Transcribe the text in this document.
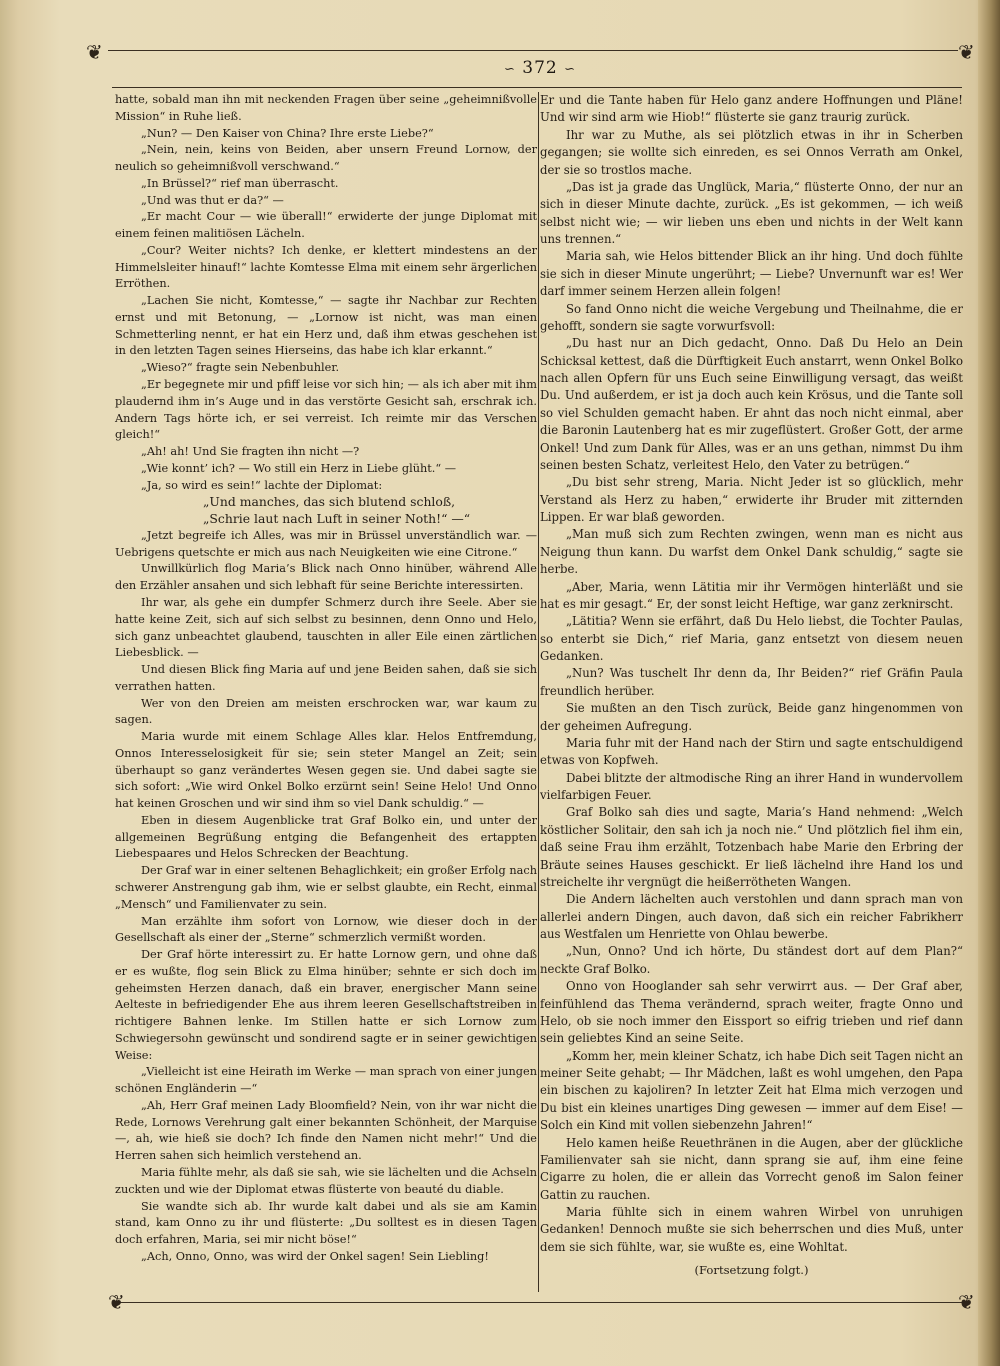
❦	❦
∽ 372 ∽

hatte, sobald man ihn mit neckenden Fragen über seine „geheimnißvolle Mission“ in Ruhe ließ.

„Nun? — Den Kaiser von China? Ihre erste Liebe?“

„Nein, nein, keins von Beiden, aber unsern Freund Lornow, der neulich so geheimnißvoll verschwand.“

„In Brüssel?“ rief man überrascht.

„Und was thut er da?“ —

„Er macht Cour — wie überall!“ erwiderte der junge Diplomat mit einem feinen malitiösen Lächeln.

„Cour? Weiter nichts? Ich denke, er klettert mindestens an der Himmelsleiter hinauf!“ lachte Komtesse Elma mit einem sehr ärgerlichen Erröthen.

„Lachen Sie nicht, Komtesse,“ — sagte ihr Nachbar zur Rechten ernst und mit Betonung, — „Lornow ist nicht, was man einen Schmetterling nennt, er hat ein Herz und, daß ihm etwas geschehen ist in den letzten Tagen seines Hierseins, das habe ich klar erkannt.“

„Wieso?“ fragte sein Nebenbuhler.

„Er begegnete mir und pfiff leise vor sich hin; — als ich aber mit ihm plaudernd ihm in’s Auge und in das verstörte Gesicht sah, erschrak ich. Andern Tags hörte ich, er sei verreist. Ich reimte mir das Verschen gleich!“

„Ah! ah! Und Sie fragten ihn nicht —?

„Wie konnt’ ich? — Wo still ein Herz in Liebe glüht.“ —

„Ja, so wird es sein!“ lachte der Diplomat:

„Und manches, das sich blutend schloß,

„Schrie laut nach Luft in seiner Noth!“ —“

„Jetzt begreife ich Alles, was mir in Brüssel unverständlich war. — Uebrigens quetschte er mich aus nach Neuigkeiten wie eine Citrone.“

Unwillkürlich flog Maria’s Blick nach Onno hinüber, während Alle den Erzähler ansahen und sich lebhaft für seine Berichte interessirten.

Ihr war, als gehe ein dumpfer Schmerz durch ihre Seele. Aber sie hatte keine Zeit, sich auf sich selbst zu besinnen, denn Onno und Helo, sich ganz unbeachtet glaubend, tauschten in aller Eile einen zärtlichen Liebesblick. —

Und diesen Blick fing Maria auf und jene Beiden sahen, daß sie sich verrathen hatten.

Wer von den Dreien am meisten erschrocken war, war kaum zu sagen.

Maria wurde mit einem Schlage Alles klar. Helos Entfremdung, Onnos Interesselosigkeit für sie; sein steter Mangel an Zeit; sein überhaupt so ganz verändertes Wesen gegen sie. Und dabei sagte sie sich sofort: „Wie wird Onkel Bolko erzürnt sein! Seine Helo! Und Onno hat keinen Groschen und wir sind ihm so viel Dank schuldig.“ —

Eben in diesem Augenblicke trat Graf Bolko ein, und unter der allgemeinen Begrüßung entging die Befangenheit des ertappten Liebespaares und Helos Schrecken der Beachtung.

Der Graf war in einer seltenen Behaglichkeit; ein großer Erfolg nach schwerer Anstrengung gab ihm, wie er selbst glaubte, ein Recht, einmal „Mensch“ und Familienvater zu sein.

Man erzählte ihm sofort von Lornow, wie dieser doch in der Gesellschaft als einer der „Sterne“ schmerzlich vermißt worden.

Der Graf hörte interessirt zu. Er hatte Lornow gern, und ohne daß er es wußte, flog sein Blick zu Elma hinüber; sehnte er sich doch im geheimsten Herzen danach, daß ein braver, energischer Mann seine Aelteste in befriedigender Ehe aus ihrem leeren Gesellschaftstreiben in richtigere Bahnen lenke. Im Stillen hatte er sich Lornow zum Schwiegersohn gewünscht und sondirend sagte er in seiner gewichtigen Weise:

„Vielleicht ist eine Heirath im Werke — man sprach von einer jungen schönen Engländerin —“

„Ah, Herr Graf meinen Lady Bloomfield? Nein, von ihr war nicht die Rede, Lornows Verehrung galt einer bekannten Schönheit, der Marquise —, ah, wie hieß sie doch? Ich finde den Namen nicht mehr!“ Und die Herren sahen sich heimlich verstehend an.

Maria fühlte mehr, als daß sie sah, wie sie lächelten und die Achseln zuckten und wie der Diplomat etwas flüsterte von beauté du diable.

Sie wandte sich ab. Ihr wurde kalt dabei und als sie am Kamin stand, kam Onno zu ihr und flüsterte: „Du solltest es in diesen Tagen doch erfahren, Maria, sei mir nicht böse!“

„Ach, Onno, Onno, was wird der Onkel sagen! Sein Liebling!

Er und die Tante haben für Helo ganz andere Hoffnungen und Pläne! Und wir sind arm wie Hiob!“ flüsterte sie ganz traurig zurück.

Ihr war zu Muthe, als sei plötzlich etwas in ihr in Scherben gegangen; sie wollte sich einreden, es sei Onnos Verrath am Onkel, der sie so trostlos mache.

„Das ist ja grade das Unglück, Maria,“ flüsterte Onno, der nur an sich in dieser Minute dachte, zurück. „Es ist gekommen, — ich weiß selbst nicht wie; — wir lieben uns eben und nichts in der Welt kann uns trennen.“

Maria sah, wie Helos bittender Blick an ihr hing. Und doch fühlte sie sich in dieser Minute ungerührt; — Liebe? Unvernunft war es! Wer darf immer seinem Herzen allein folgen!

So fand Onno nicht die weiche Vergebung und Theilnahme, die er gehofft, sondern sie sagte vorwurfsvoll:

„Du hast nur an Dich gedacht, Onno. Daß Du Helo an Dein Schicksal kettest, daß die Dürftigkeit Euch anstarrt, wenn Onkel Bolko nach allen Opfern für uns Euch seine Einwilligung versagt, das weißt Du. Und außerdem, er ist ja doch auch kein Krösus, und die Tante soll so viel Schulden gemacht haben. Er ahnt das noch nicht einmal, aber die Baronin Lautenberg hat es mir zugeflüstert. Großer Gott, der arme Onkel! Und zum Dank für Alles, was er an uns gethan, nimmst Du ihm seinen besten Schatz, verleitest Helo, den Vater zu betrügen.“

„Du bist sehr streng, Maria. Nicht Jeder ist so glücklich, mehr Verstand als Herz zu haben,“ erwiderte ihr Bruder mit zitternden Lippen. Er war blaß geworden.

„Man muß sich zum Rechten zwingen, wenn man es nicht aus Neigung thun kann. Du warfst dem Onkel Dank schuldig,“ sagte sie herbe.

„Aber, Maria, wenn Lätitia mir ihr Vermögen hinterläßt und sie hat es mir gesagt.“ Er, der sonst leicht Heftige, war ganz zerknirscht.

„Lätitia? Wenn sie erfährt, daß Du Helo liebst, die Tochter Paulas, so enterbt sie Dich,“ rief Maria, ganz entsetzt von diesem neuen Gedanken.

„Nun? Was tuschelt Ihr denn da, Ihr Beiden?“ rief Gräfin Paula freundlich herüber.

Sie mußten an den Tisch zurück, Beide ganz hingenommen von der geheimen Aufregung.

Maria fuhr mit der Hand nach der Stirn und sagte entschuldigend etwas von Kopfweh.

Dabei blitzte der altmodische Ring an ihrer Hand in wundervollem vielfarbigen Feuer.

Graf Bolko sah dies und sagte, Maria’s Hand nehmend: „Welch köstlicher Solitair, den sah ich ja noch nie.“ Und plötzlich fiel ihm ein, daß seine Frau ihm erzählt, Totzenbach habe Marie den Erbring der Bräute seines Hauses geschickt. Er ließ lächelnd ihre Hand los und streichelte ihr vergnügt die heißerrötheten Wangen.

Die Andern lächelten auch verstohlen und dann sprach man von allerlei andern Dingen, auch davon, daß sich ein reicher Fabrikherr aus Westfalen um Henriette von Ohlau bewerbe.

„Nun, Onno? Und ich hörte, Du ständest dort auf dem Plan?“ neckte Graf Bolko.

Onno von Hooglander sah sehr verwirrt aus. — Der Graf aber, feinfühlend das Thema verändernd, sprach weiter, fragte Onno und Helo, ob sie noch immer den Eissport so eifrig trieben und rief dann sein geliebtes Kind an seine Seite.

„Komm her, mein kleiner Schatz, ich habe Dich seit Tagen nicht an meiner Seite gehabt; — Ihr Mädchen, laßt es wohl umgehen, den Papa ein bischen zu kajoliren? In letzter Zeit hat Elma mich verzogen und Du bist ein kleines unartiges Ding gewesen — immer auf dem Eise! — Solch ein Kind mit vollen siebenzehn Jahren!“

Helo kamen heiße Reuethränen in die Augen, aber der glückliche Familienvater sah sie nicht, dann sprang sie auf, ihm eine feine Cigarre zu holen, die er allein das Vorrecht genoß im Salon feiner Gattin zu rauchen.

Maria fühlte sich in einem wahren Wirbel von unruhigen Gedanken! Dennoch mußte sie sich beherrschen und dies Muß, unter dem sie sich fühlte, war, sie wußte es, eine Wohltat.

(Fortsetzung folgt.)

❦	❦
